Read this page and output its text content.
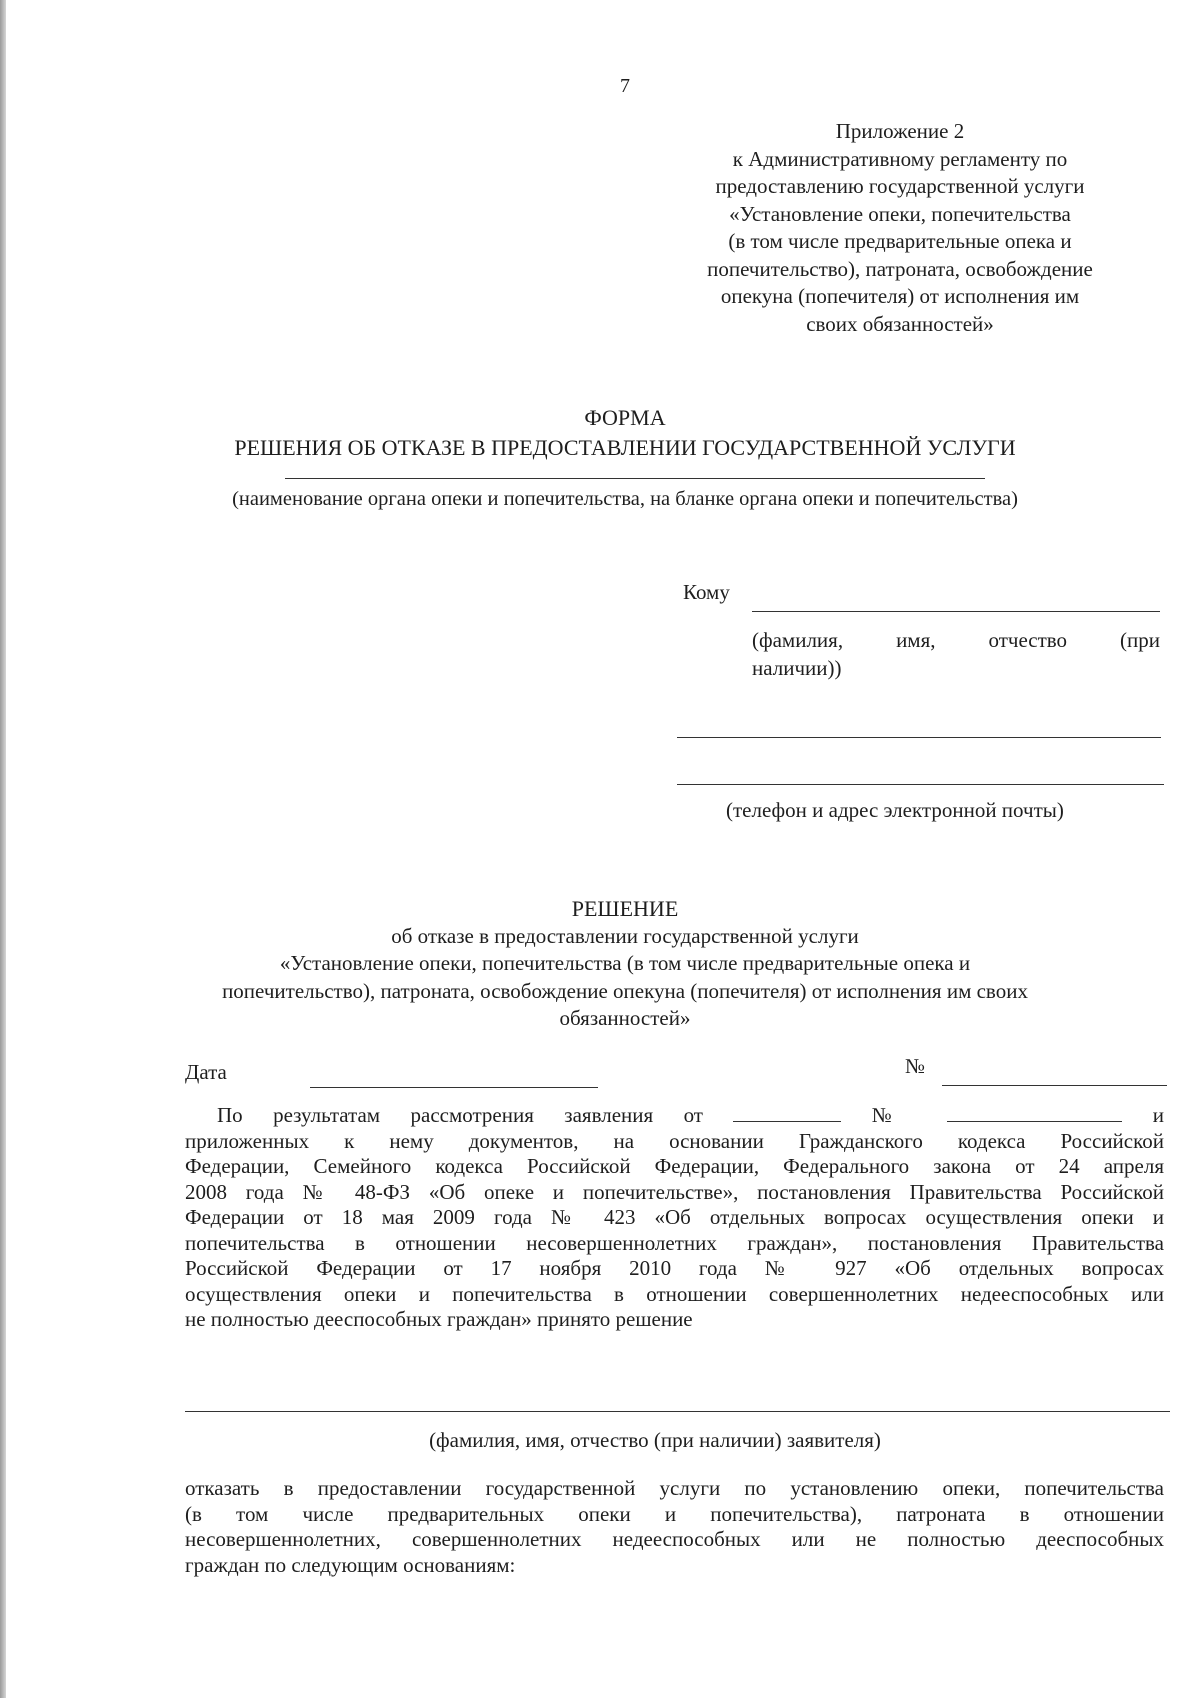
7
Приложение 2
к Административному регламенту по
предоставлению государственной услуги
«Установление опеки, попечительства
(в том числе предварительные опека и
попечительство), патроната, освобождение
опекуна (попечителя) от исполнения им
своих обязанностей»
ФОРМА
РЕШЕНИЯ ОБ ОТКАЗЕ В ПРЕДОСТАВЛЕНИИ ГОСУДАРСТВЕННОЙ УСЛУГИ
(наименование органа опеки и попечительства, на бланке органа опеки и попечительства)
Кому
(фамилия,	имя,	отчество	(при
наличии))
(телефон и адрес электронной почты)
РЕШЕНИЕ
об отказе в предоставлении государственной услуги
«Установление опеки, попечительства (в том числе предварительные опека и
попечительство), патроната, освобождение опекуна (попечителя) от исполнения им своих
обязанностей»
Дата	№
По результатам рассмотрения заявления от	№	и
приложенных к нему документов, на основании Гражданского кодекса Российской
Федерации, Семейного кодекса Российской Федерации, Федерального закона от 24 апреля
2008 года № 48-ФЗ «Об опеке и попечительстве», постановления Правительства Российской
Федерации от 18 мая 2009 года № 423 «Об отдельных вопросах осуществления опеки и
попечительства в отношении несовершеннолетних граждан», постановления Правительства
Российской Федерации от 17 ноября 2010 года № 927 «Об отдельных вопросах
осуществления опеки и попечительства в отношении совершеннолетних недееспособных или
не полностью дееспособных граждан» принято решение
(фамилия, имя, отчество (при наличии) заявителя)
отказать в предоставлении государственной услуги по установлению опеки, попечительства
(в том числе предварительных опеки и попечительства), патроната в отношении
несовершеннолетних, совершеннолетних недееспособных или не полностью дееспособных
граждан по следующим основаниям:
